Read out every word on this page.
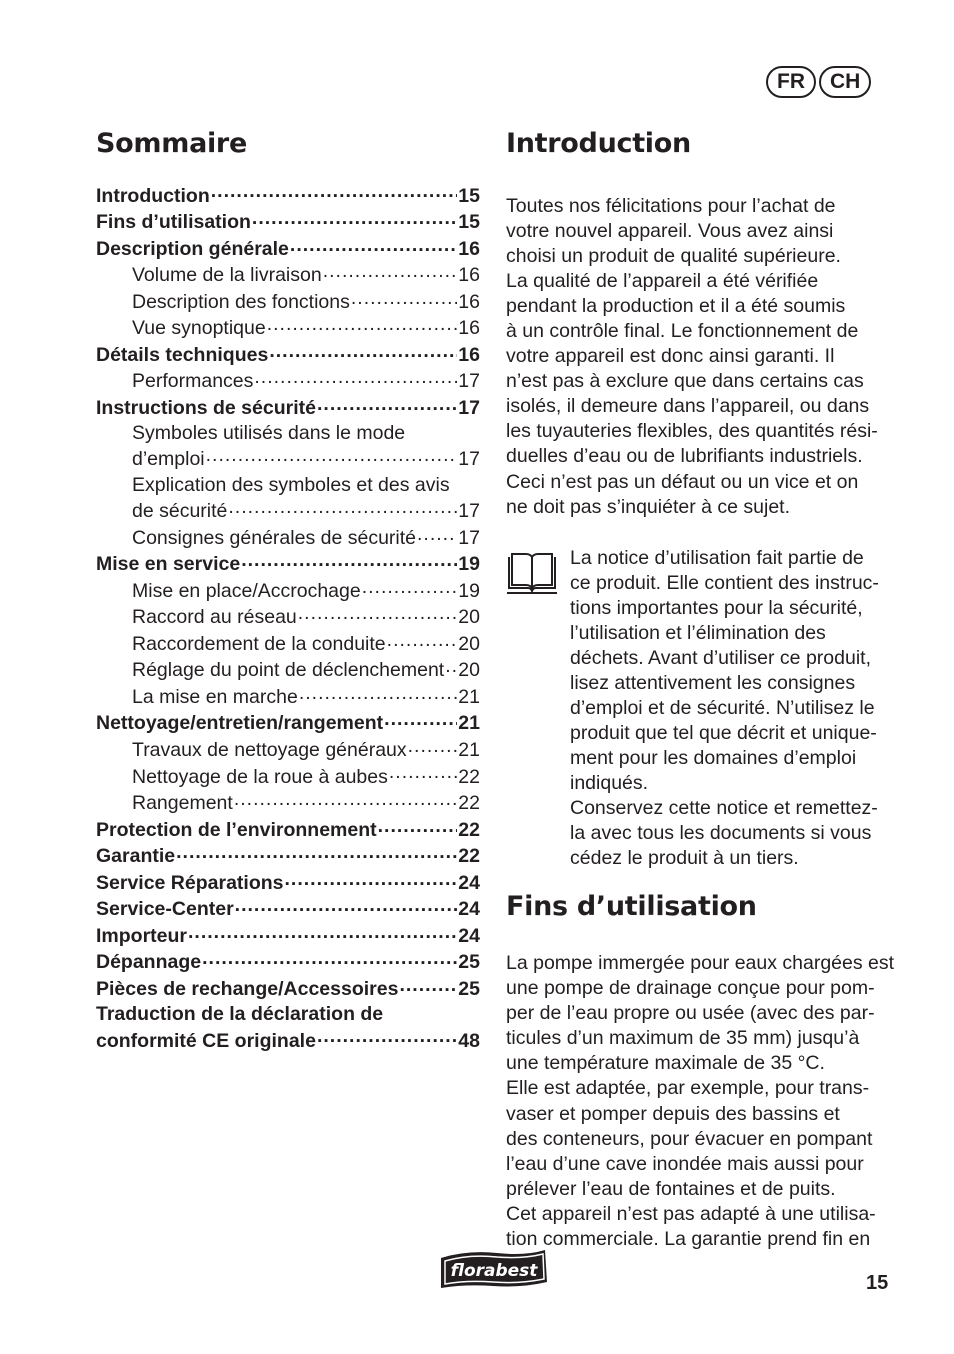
FR	CH
Sommaire
Introduction .....	15
Fins d’utilisation .....	15
Description générale .....	16
Volume de la livraison .....	16
Description des fonctions .....	16
Vue synoptique .....	16
Détails techniques .....	16
Performances .....	17
Instructions de sécurité .....	17
Symboles utilisés dans le mode
d’emploi .....	17
Explication des symboles et des avis
de sécurité .....	17
Consignes générales de sécurité ..... 17
Mise en service .....	19
Mise en place/Accrochage .....	19
Raccord au réseau .....	20
Raccordement de la conduite .....	20
Réglage du point de déclenchement ..... 20
La mise en marche .....	21
Nettoyage/entretien/rangement .....	21
Travaux de nettoyage généraux .....	21
Nettoyage de la roue à aubes .....	22
Rangement .....	22
Protection de l’environnement .....	22
Garantie .....	22
Service Réparations .....	24
Service-Center .....	24
Importeur .....	24
Dépannage .....	25
Pièces de rechange/Accessoires .....	25
Traduction de la déclaration de
conformité CE originale .....	48
Introduction

Toutes nos félicitations pour l’achat de

votre nouvel appareil. Vous avez ainsi

choisi un produit de qualité supérieure.

La qualité de l’appareil a été vérifiée

pendant la production et il a été soumis

à un contrôle final. Le fonctionnement de

votre appareil est donc ainsi garanti. Il

n’est pas à exclure que dans certains cas

isolés, il demeure dans l’appareil, ou dans

les tuyauteries flexibles, des quantités rési-

duelles d’eau ou de lubrifiants industriels.

Ceci n’est pas un défaut ou un vice et on

ne doit pas s’inquiéter à ce sujet.

La notice d’utilisation fait partie de

ce produit. Elle contient des instruc-

tions importantes pour la sécurité,

l’utilisation et l’élimination des

déchets. Avant d’utiliser ce produit,

lisez attentivement les consignes

d’emploi et de sécurité. N’utilisez le

produit que tel que décrit et unique-

ment pour les domaines d’emploi

indiqués.

Conservez cette notice et remettez-

la avec tous les documents si vous

cédez le produit à un tiers.

Fins d’utilisation

La pompe immergée pour eaux chargées est

une pompe de drainage conçue pour pom-

per de l’eau propre ou usée (avec des par-

ticules d’un maximum de 35 mm) jusqu’à

une température maximale de 35 °C.

Elle est adaptée, par exemple, pour trans-

vaser et pomper depuis des bassins et

des conteneurs, pour évacuer en pompant

l’eau d’une cave inondée mais aussi pour

prélever l’eau de fontaines et de puits.

Cet appareil n’est pas adapté à une utilisa-

tion commerciale. La garantie prend fin en

florabest
15
